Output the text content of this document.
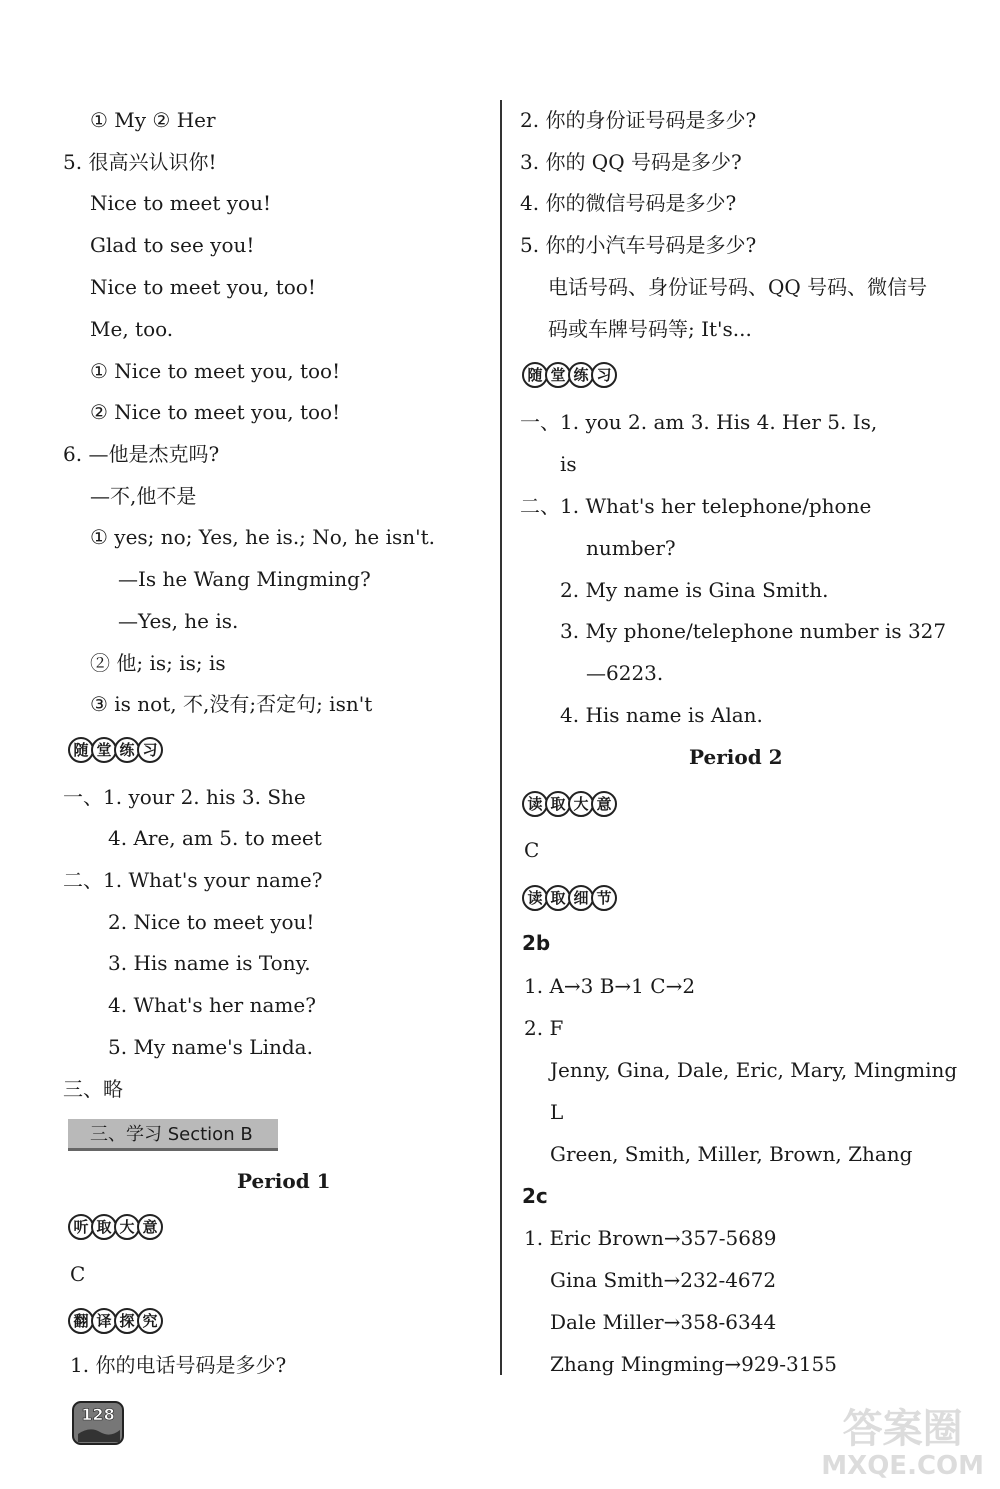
① My ② Her
5. 很高兴认识你!
Nice to meet you!
Glad to see you!
Nice to meet you, too!
Me, too.
① Nice to meet you, too!
② Nice to meet you, too!
6. —他是杰克吗?
—不,他不是
① yes; no; Yes, he is.; No, he isn't.
—Is he Wang Mingming?
—Yes, he is.
② 他; is; is; is
③ is not, 不,没有;否定句; isn't
随 堂 练 习
一、1. your 2. his 3. She
4. Are, am 5. to meet
二、1. What's your name?
2. Nice to meet you!
3. His name is Tony.
4. What's her name?
5. My name's Linda.
三、略
三、学习 Section B
Period 1
听 取 大 意
C
翻 译 探 究
1. 你的电话号码是多少?
128
2. 你的身份证号码是多少?
3. 你的 QQ 号码是多少?
4. 你的微信号码是多少?
5. 你的小汽车号码是多少?
电话号码、身份证号码、QQ 号码、微信号
码或车牌号码等; It's...
随 堂 练 习
一、1. you 2. am 3. His 4. Her 5. Is,
is
二、1. What's her telephone/phone
number?
2. My name is Gina Smith.
3. My phone/telephone number is 327
—6223.
4. His name is Alan.
Period 2
读 取 大 意
C
读 取 细 节
2b
1. A→3 B→1 C→2
2. F
Jenny, Gina, Dale, Eric, Mary, Mingming
L
Green, Smith, Miller, Brown, Zhang
2c
1. Eric Brown→357-5689
Gina Smith→232-4672
Dale Miller→358-6344
Zhang Mingming→929-3155
答案圈
MXQE.COM
